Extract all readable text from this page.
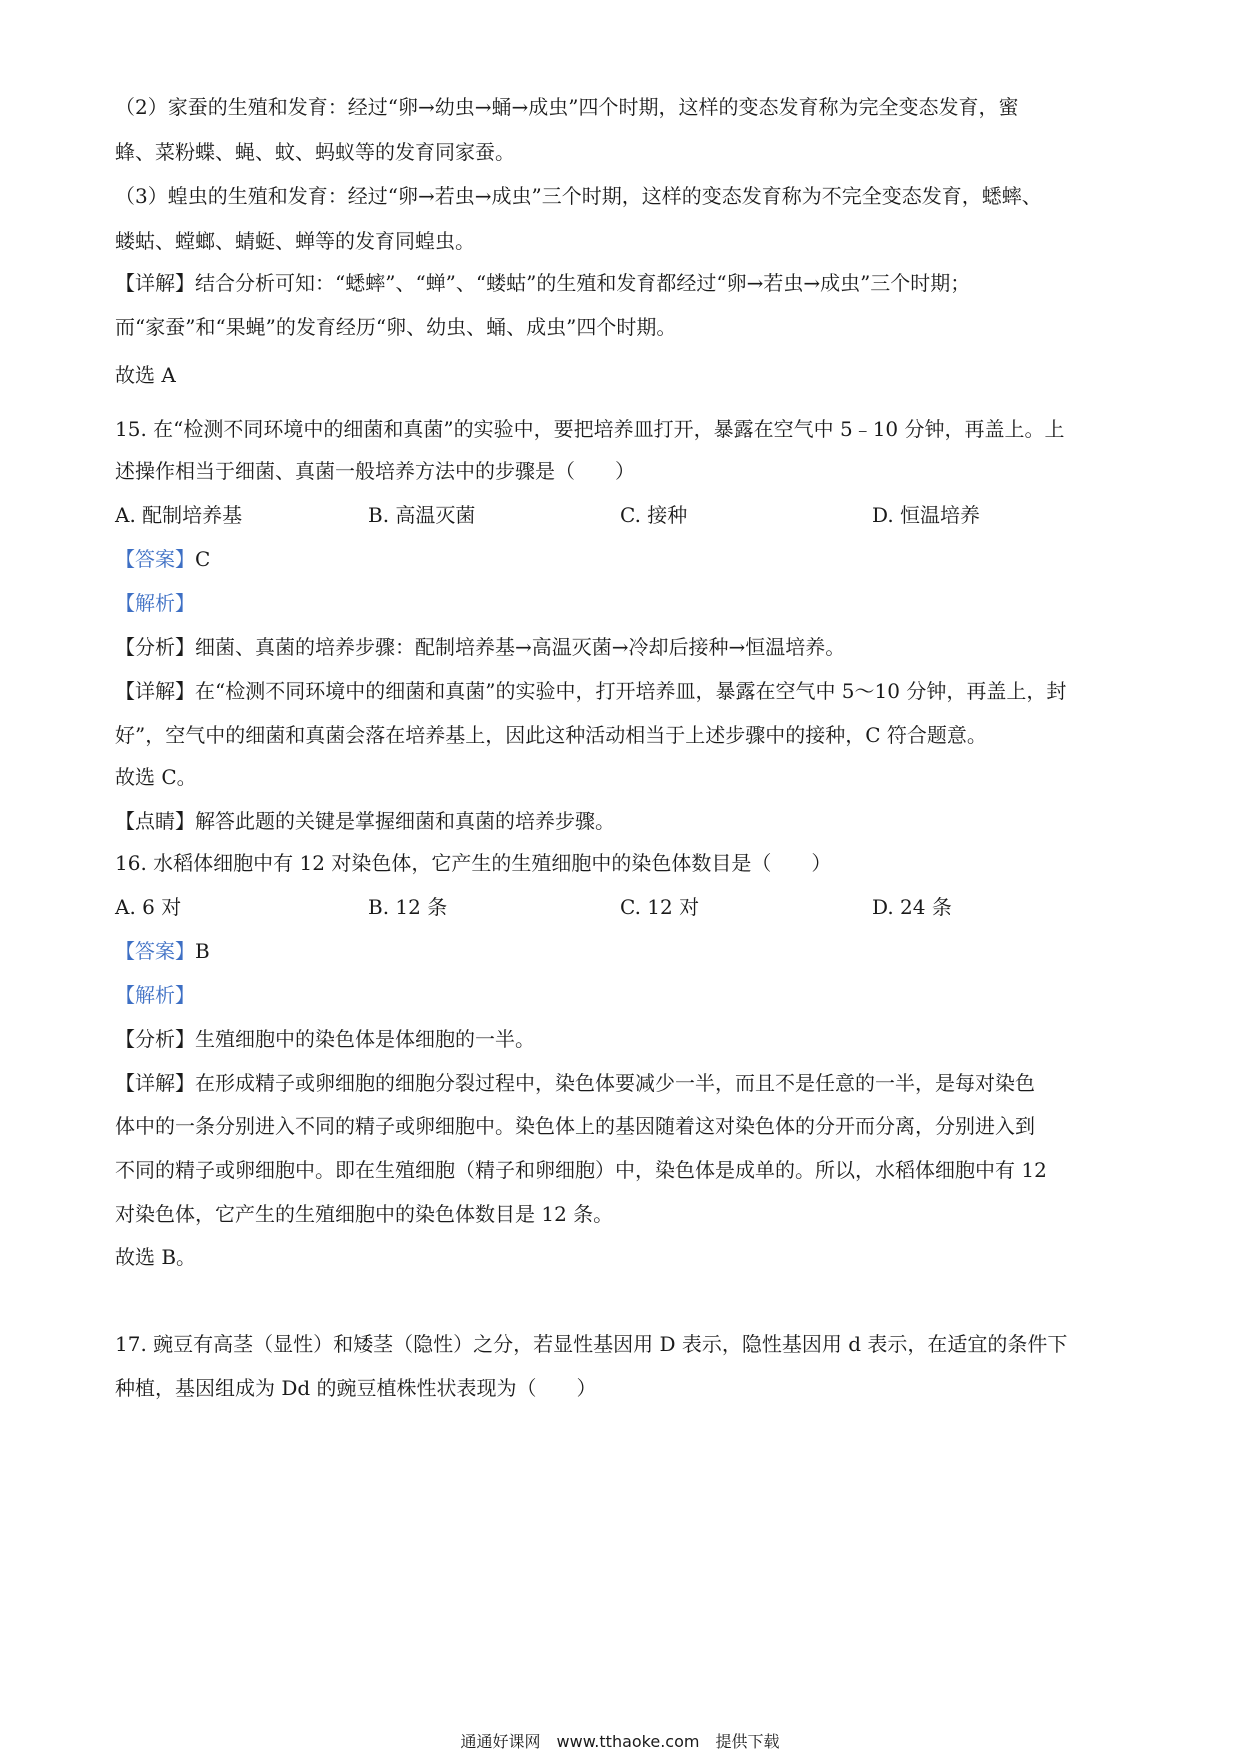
（2）家蚕的生殖和发育：经过“卵→幼虫→蛹→成虫”四个时期，这样的变态发育称为完全变态发育，蜜
蜂、菜粉蝶、蝇、蚊、蚂蚁等的发育同家蚕。
（3）蝗虫的生殖和发育：经过“卵→若虫→成虫”三个时期，这样的变态发育称为不完全变态发育，蟋蟀、
蝼蛄、螳螂、蜻蜓、蝉等的发育同蝗虫。
【详解】结合分析可知：“蟋蟀”、“蝉”、“蝼蛄”的生殖和发育都经过“卵→若虫→成虫”三个时期；
而“家蚕”和“果蝇”的发育经历“卵、幼虫、蛹、成虫”四个时期。
故选 A
15. 在“检测不同环境中的细菌和真菌”的实验中，要把培养皿打开，暴露在空气中 5﹣10 分钟，再盖上。上
述操作相当于细菌、真菌一般培养方法中的步骤是（　　）
A. 配制培养基	B. 高温灭菌	C. 接种	D. 恒温培养
【答案】C
【解析】
【分析】细菌、真菌的培养步骤：配制培养基→高温灭菌→冷却后接种→恒温培养。
【详解】在“检测不同环境中的细菌和真菌”的实验中，打开培养皿，暴露在空气中 5～10 分钟，再盖上，封
好”，空气中的细菌和真菌会落在培养基上，因此这种活动相当于上述步骤中的接种，C 符合题意。
故选 C。
【点睛】解答此题的关键是掌握细菌和真菌的培养步骤。
16. 水稻体细胞中有 12 对染色体，它产生的生殖细胞中的染色体数目是（　　）
A. 6 对	B. 12 条	C. 12 对	D. 24 条
【答案】B
【解析】
【分析】生殖细胞中的染色体是体细胞的一半。
【详解】在形成精子或卵细胞的细胞分裂过程中，染色体要减少一半，而且不是任意的一半，是每对染色
体中的一条分别进入不同的精子或卵细胞中。染色体上的基因随着这对染色体的分开而分离，分别进入到
不同的精子或卵细胞中。即在生殖细胞（精子和卵细胞）中，染色体是成单的。所以，水稻体细胞中有 12
对染色体，它产生的生殖细胞中的染色体数目是 12 条。
故选 B。
17. 豌豆有高茎（显性）和矮茎（隐性）之分，若显性基因用 D 表示，隐性基因用 d 表示，在适宜的条件下
种植，基因组成为 Dd 的豌豆植株性状表现为（　　）
通通好课网　www.tthaoke.com　提供下载
